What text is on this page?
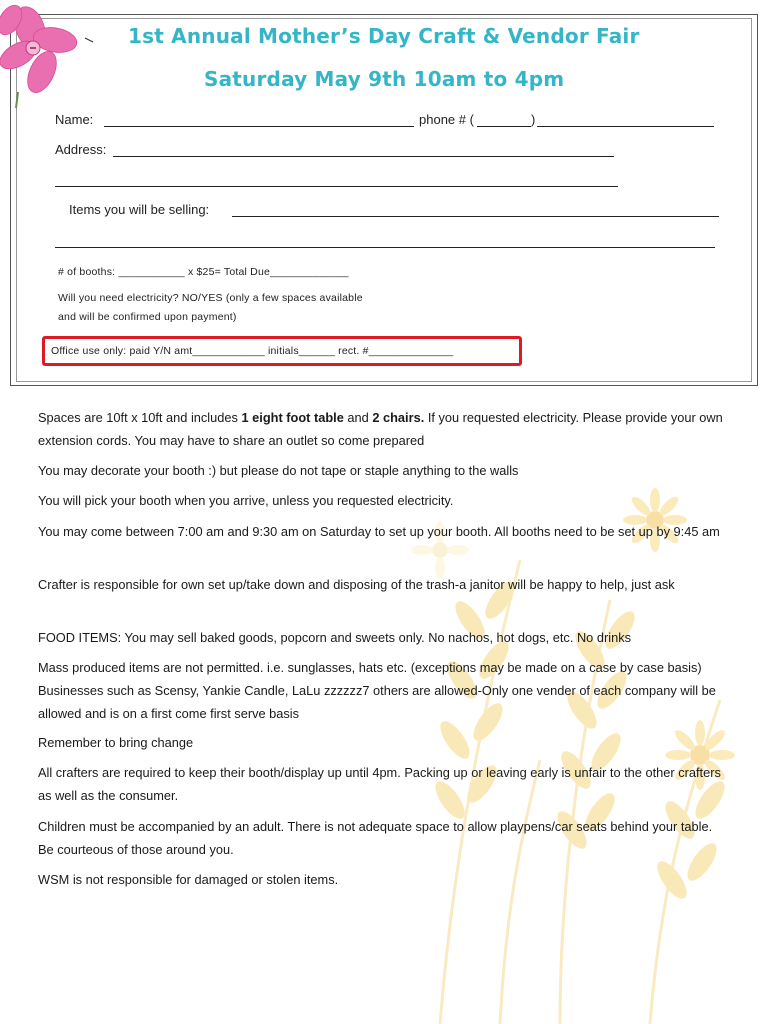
1st Annual Mother’s Day Craft & Vendor Fair
Saturday May 9th 10am to 4pm
Name:	phone # (	)
Address:
Items you will be selling:
# of booths: ___________ x $25= Total Due_____________
Will you need electricity? NO/YES (only a few spaces available
and will be confirmed upon payment)
Office use only: paid Y/N amt____________ initials______ rect. #______________
Spaces are 10ft x 10ft and includes 1 eight foot table and 2 chairs. If you requested electricity. Please provide your own extension cords. You may have to share an outlet so come prepared
You may decorate your booth :) but please do not tape or staple anything to the walls
You will pick your booth when you arrive, unless you requested electricity.
You may come between 7:00 am and 9:30 am on Saturday to set up your booth. All booths need to be set up by 9:45 am
Crafter is responsible for own set up/take down and disposing of the trash-a janitor will be happy to help, just ask
FOOD ITEMS: You may sell baked goods, popcorn and sweets only. No nachos, hot dogs, etc. No drinks
Mass produced items are not permitted. i.e. sunglasses, hats etc. (exceptions may be made on a case by case basis) Businesses such as Scensy, Yankie Candle, LaLu zzzzzz7 others are allowed-Only one vender of each company will be allowed and is on a first come first serve basis
Remember to bring change
All crafters are required to keep their booth/display up until 4pm. Packing up or leaving early is unfair to the other crafters as well as the consumer.
Children must be accompanied by an adult. There is not adequate space to allow playpens/car seats behind your table. Be courteous of those around you.
WSM is not responsible for damaged or stolen items.
